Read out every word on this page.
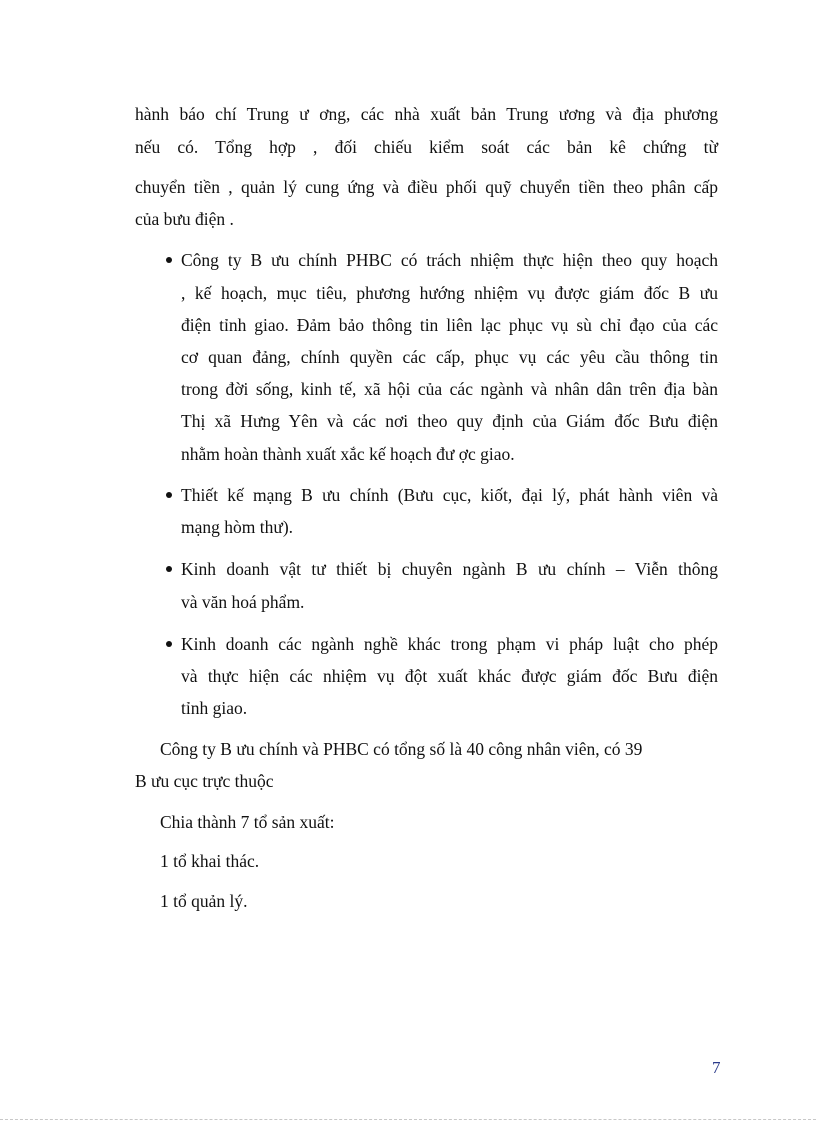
hành báo chí Trung ư ơng, các nhà xuất bản Trung ương và địa phương
nếu có. Tổng hợp , đối chiếu kiểm soát các bản kê chứng từ
chuyển tiền , quản lý cung ứng và điều phối quỹ chuyển tiền theo phân cấp
của bưu điện .
Công ty B ưu chính PHBC có trách nhiệm thực hiện theo quy hoạch
, kế hoạch, mục tiêu, phương hướng nhiệm vụ được giám đốc B ưu
điện tỉnh giao. Đảm bảo thông tin liên lạc phục vụ sù chỉ đạo của các
cơ quan đảng, chính quyền các cấp, phục vụ các yêu cầu thông tin
trong đời sống, kinh tế, xã hội của các ngành và nhân dân trên địa bàn
Thị xã Hưng Yên và các nơi theo quy định của Giám đốc Bưu điện
nhằm hoàn thành xuất xắc kế hoạch đư ợc giao.
Thiết kế mạng B ưu chính (Bưu cục, kiốt, đại lý, phát hành viên và
mạng hòm thư).
Kinh doanh vật tư thiết bị chuyên ngành B ưu chính – Viễn thông
và văn hoá phẩm.
Kinh doanh các ngành nghề khác trong phạm vi pháp luật cho phép
và thực hiện các nhiệm vụ đột xuất khác được giám đốc Bưu điện
tỉnh giao.
Công ty B ưu chính và PHBC có tổng số là 40 công nhân viên, có 39
B ưu cục trực thuộc
Chia thành 7 tổ sản xuất:
1 tổ khai thác.
1 tổ quản lý.
7
